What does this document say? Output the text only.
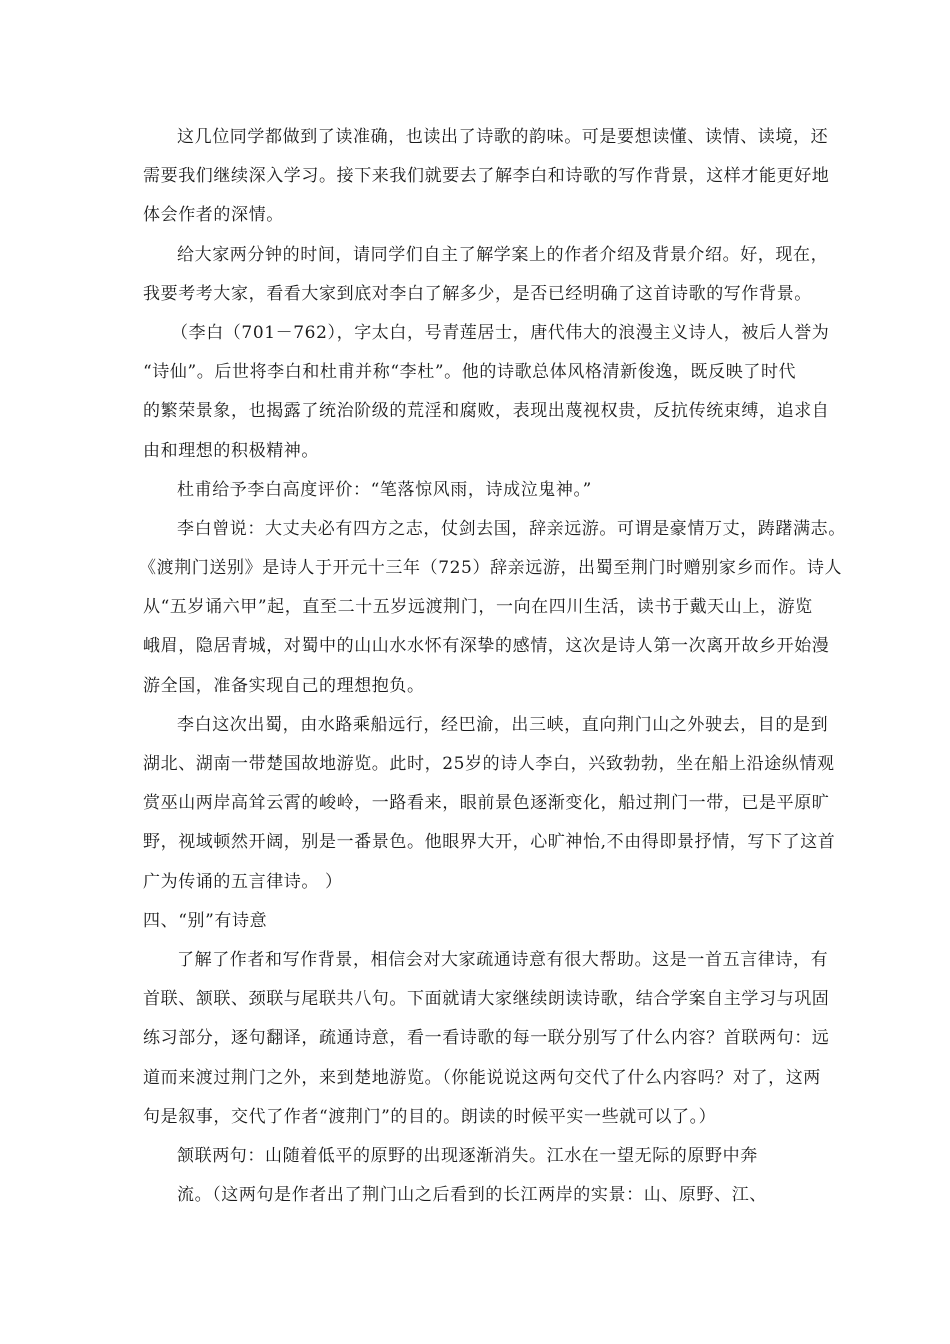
这几位同学都做到了读准确，也读出了诗歌的韵味。可是要想读懂、读情、读境，还
需要我们继续深入学习。接下来我们就要去了解李白和诗歌的写作背景，这样才能更好地
体会作者的深情。
给大家两分钟的时间，请同学们自主了解学案上的作者介绍及背景介绍。好，现在，
我要考考大家，看看大家到底对李白了解多少，是否已经明确了这首诗歌的写作背景。
（李白（701－762），字太白，号青莲居士，唐代伟大的浪漫主义诗人，被后人誉为
“诗仙”。后世将李白和杜甫并称“李杜”。他的诗歌总体风格清新俊逸，既反映了时代
的繁荣景象，也揭露了统治阶级的荒淫和腐败，表现出蔑视权贵，反抗传统束缚，追求自
由和理想的积极精神。
杜甫给予李白高度评价：“笔落惊风雨，诗成泣鬼神。”
李白曾说：大丈夫必有四方之志，仗剑去国，辞亲远游。可谓是豪情万丈，踌躇满志。
《渡荆门送别》是诗人于开元十三年（725）辞亲远游，出蜀至荆门时赠别家乡而作。诗人
从“五岁诵六甲”起，直至二十五岁远渡荆门，一向在四川生活，读书于戴天山上，游览
峨眉，隐居青城，对蜀中的山山水水怀有深挚的感情，这次是诗人第一次离开故乡开始漫
游全国，准备实现自己的理想抱负。
李白这次出蜀，由水路乘船远行，经巴渝，出三峡，直向荆门山之外驶去，目的是到
湖北、湖南一带楚国故地游览。此时，25岁的诗人李白，兴致勃勃，坐在船上沿途纵情观
赏巫山两岸高耸云霄的峻岭，一路看来，眼前景色逐渐变化，船过荆门一带，已是平原旷
野，视域顿然开阔，别是一番景色。他眼界大开，心旷神怡,不由得即景抒情，写下了这首
广为传诵的五言律诗。 ）
四、“别”有诗意
了解了作者和写作背景，相信会对大家疏通诗意有很大帮助。这是一首五言律诗，有
首联、颔联、颈联与尾联共八句。下面就请大家继续朗读诗歌，结合学案自主学习与巩固
练习部分，逐句翻译，疏通诗意，看一看诗歌的每一联分别写了什么内容？首联两句：远
道而来渡过荆门之外，来到楚地游览。（你能说说这两句交代了什么内容吗？对了，这两
句是叙事，交代了作者“渡荆门”的目的。朗读的时候平实一些就可以了。）
颔联两句：山随着低平的原野的出现逐渐消失。江水在一望无际的原野中奔
流。（这两句是作者出了荆门山之后看到的长江两岸的实景：山、原野、江、
